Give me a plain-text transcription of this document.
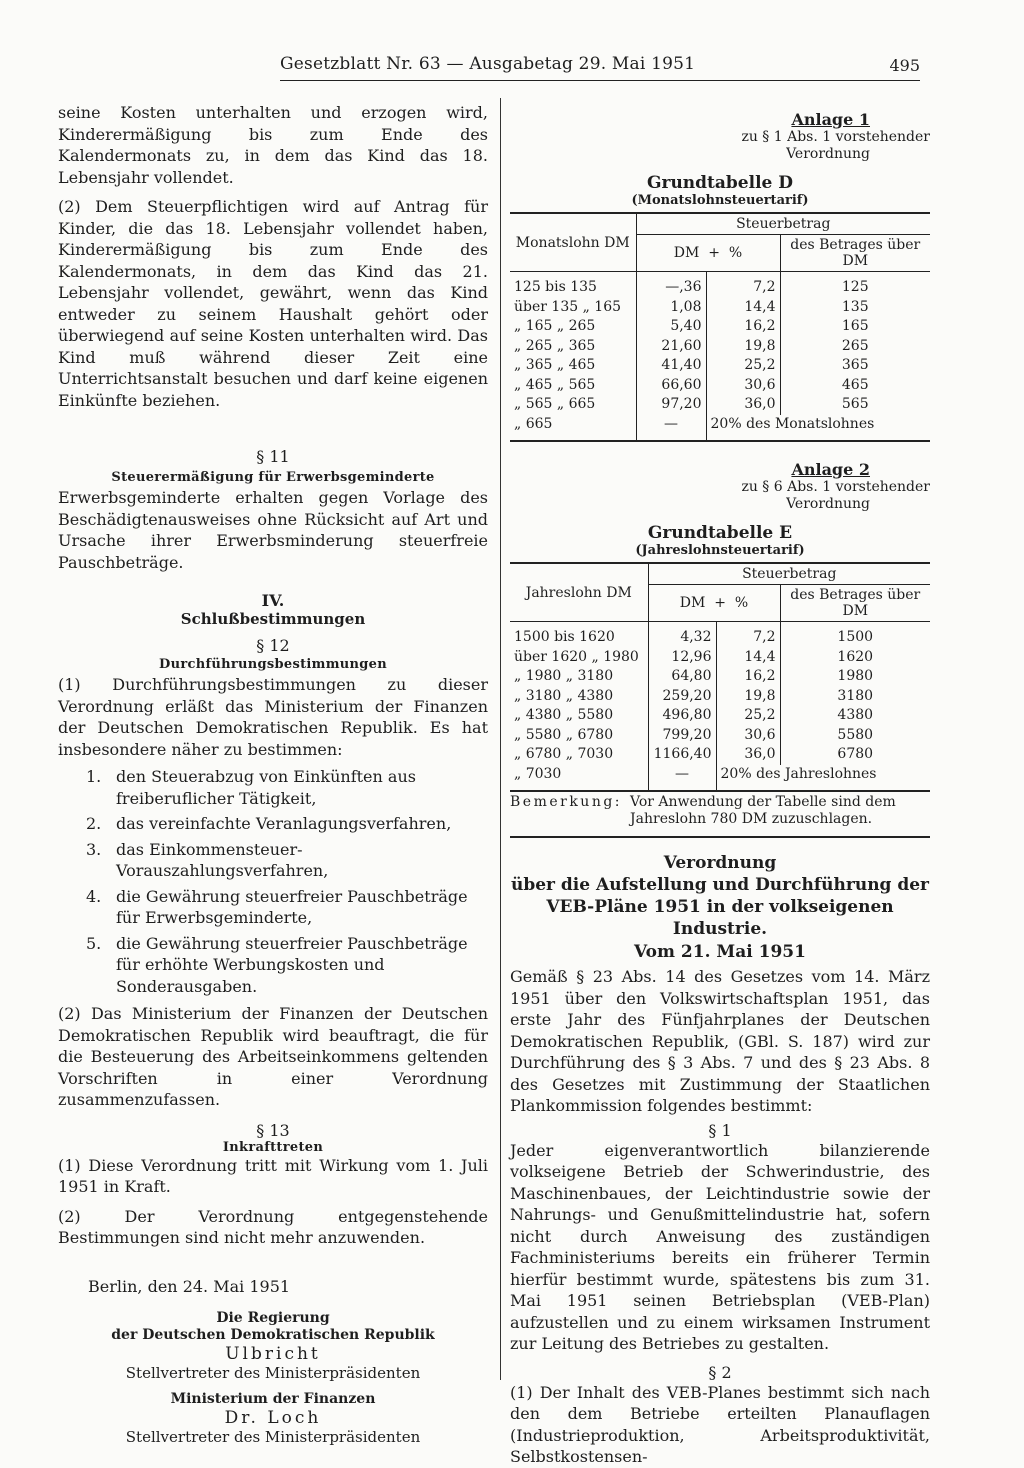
Gesetzblatt Nr. 63 — Ausgabetag 29. Mai 1951	495

seine Kosten unterhalten und erzogen wird, Kinderermäßigung bis zum Ende des Kalendermonats zu, in dem das Kind das 18. Lebensjahr vollendet.

(2) Dem Steuerpflichtigen wird auf Antrag für Kinder, die das 18. Lebensjahr vollendet haben, Kinderermäßigung bis zum Ende des Kalendermonats, in dem das Kind das 21. Lebensjahr vollendet, gewährt, wenn das Kind entweder zu seinem Haushalt gehört oder überwiegend auf seine Kosten unterhalten wird. Das Kind muß während dieser Zeit eine Unterrichtsanstalt besuchen und darf keine eigenen Einkünfte beziehen.

§ 11
Steuerermäßigung für Erwerbsgeminderte

Erwerbsgeminderte erhalten gegen Vorlage des Beschädigtenausweises ohne Rücksicht auf Art und Ursache ihrer Erwerbsminderung steuerfreie Pauschbeträge.

IV.
Schlußbestimmungen
§ 12
Durchführungsbestimmungen

(1) Durchführungsbestimmungen zu dieser Verordnung erläßt das Ministerium der Finanzen der Deutschen Demokratischen Republik. Es hat insbesondere näher zu bestimmen:

1. den Steuerabzug von Einkünften aus freiberuflicher Tätigkeit,
2. das vereinfachte Veranlagungsverfahren,
3. das Einkommensteuer-Vorauszahlungsverfahren,
4. die Gewährung steuerfreier Pauschbeträge für Erwerbsgeminderte,
5. die Gewährung steuerfreier Pauschbeträge für erhöhte Werbungskosten und Sonderausgaben.

(2) Das Ministerium der Finanzen der Deutschen Demokratischen Republik wird beauftragt, die für die Besteuerung des Arbeitseinkommens geltenden Vorschriften in einer Verordnung zusammenzufassen.

§ 13
Inkrafttreten

(1) Diese Verordnung tritt mit Wirkung vom 1. Juli 1951 in Kraft.

(2) Der Verordnung entgegenstehende Bestimmungen sind nicht mehr anzuwenden.

Berlin, den 24. Mai 1951
Die Regierung
der Deutschen Demokratischen Republik
Ulbricht
Stellvertreter des Ministerpräsidenten
Ministerium der Finanzen
Dr. Loch
Stellvertreter des Ministerpräsidenten
Anlage 1
zu § 1 Abs. 1 vorstehender
Verordnung
Grundtabelle D
(Monatslohnsteuertarif)
Monatslohn DM	Steuerbetrag		
	DM + %		des Betrages über DM
125 bis 135	—,36	7,2	125
über 135 „ 165	1,08	14,4	135
„ 165 „ 265	5,40	16,2	165
„ 265 „ 365	21,60	19,8	265
„ 365 „ 465	41,40	25,2	365
„ 465 „ 565	66,60	30,6	465
„ 565 „ 665	97,20	36,0	565
„ 665	—	20% des Monatslohnes	
Anlage 2
zu § 6 Abs. 1 vorstehender
Verordnung
Grundtabelle E
(Jahreslohnsteuertarif)
Jahreslohn DM	Steuerbetrag		
	DM + %		des Betrages über DM
1500 bis 1620	4,32	7,2	1500
über 1620 „ 1980	12,96	14,4	1620
„ 1980 „ 3180	64,80	16,2	1980
„ 3180 „ 4380	259,20	19,8	3180
„ 4380 „ 5580	496,80	25,2	4380
„ 5580 „ 6780	799,20	30,6	5580
„ 6780 „ 7030	1166,40	36,0	6780
„ 7030	—	20% des Jahreslohnes	
Bemerkung: Vor Anwendung der Tabelle sind dem Jahreslohn 780 DM zuzuschlagen.
Verordnung
über die Aufstellung und Durchführung der
VEB-Pläne 1951 in der volkseigenen Industrie.
Vom 21. Mai 1951

Gemäß § 23 Abs. 14 des Gesetzes vom 14. März 1951 über den Volkswirtschaftsplan 1951, das erste Jahr des Fünfjahrplanes der Deutschen Demokratischen Republik, (GBl. S. 187) wird zur Durchführung des § 3 Abs. 7 und des § 23 Abs. 8 des Gesetzes mit Zustimmung der Staatlichen Plankommission folgendes bestimmt:

§ 1

Jeder eigenverantwortlich bilanzierende volkseigene Betrieb der Schwerindustrie, des Maschinenbaues, der Leichtindustrie sowie der Nahrungs- und Genußmittelindustrie hat, sofern nicht durch Anweisung des zuständigen Fachministeriums bereits ein früherer Termin hierfür bestimmt wurde, spätestens bis zum 31. Mai 1951 seinen Betriebsplan (VEB-Plan) aufzustellen und zu einem wirksamen Instrument zur Leitung des Betriebes zu gestalten.

§ 2

(1) Der Inhalt des VEB-Planes bestimmt sich nach den dem Betriebe erteilten Planauflagen (Industrieproduktion, Arbeitsproduktivität, Selbstkostensen-
